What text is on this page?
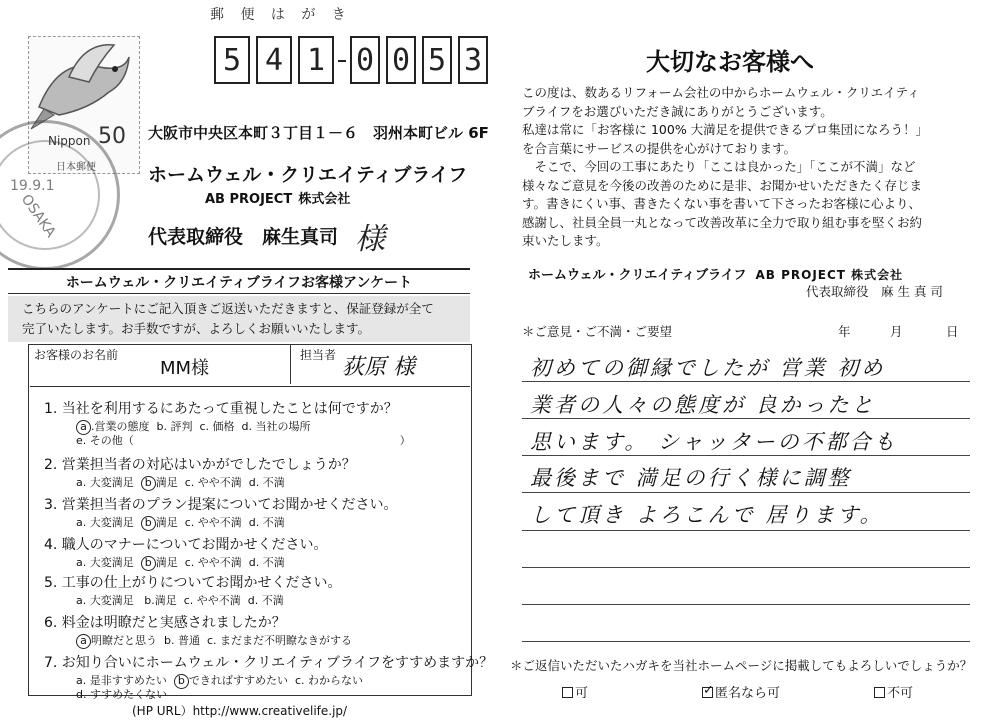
郵 便 は が き
5 4 1 0 0 5 3
Nippon 50
日本郵便
19.9.1
OSAKA
大阪市中央区本町３丁目１－６　羽州本町ビル 6F
ホームウェル・クリエイティブライフ
AB PROJECT 株式会社
代表取締役　麻生真司 様
ホームウェル・クリエイティブライフお客様アンケート
こちらのアンケートにご記入頂きご返送いただきますと、保証登録が全て
完了いたします。お手数ですが、よろしくお願いいたします。
お客様のお名前
MM様
担当者 荻原 様
1. 当社を利用するにあたって重視したことは何ですか？
a .営業の態度 b. 評判 c. 価格 d. 当社の場所
e. その他（	）
2. 営業担当者の対応はいかがでしたでしょうか？
a. 大変満足 b 満足 c. やや不満 d. 不満
3. 営業担当者のプラン提案についてお聞かせください。
a. 大変満足 b 満足 c. やや不満 d. 不満
4. 職人のマナーについてお聞かせください。
a. 大変満足 b 満足 c. やや不満 d. 不満
5. 工事の仕上がりについてお聞かせください。
a. 大変満足 b.満足 c. やや不満 d. 不満
6. 料金は明瞭だと実感されましたか？
a 明瞭だと思う b. 普通 c. まだまだ不明瞭なきがする
7. お知り合いにホームウェル・クリエイティブライフをすすめますか？
a. 是非すすめたい b できればすすめたい c. わからない
d. すすめたくない
(HP URL）http://www.creativelife.jp/
大切なお客様へ

この度は、数あるリフォーム会社の中からホームウェル・クリエイティ

ブライフをお選びいただき誠にありがとうございます。

私達は常に「お客様に 100% 大満足を提供できるプロ集団になろう！」

を合言葉にサービスの提供を心がけております。

　そこで、今回の工事にあたり「ここは良かった」「ここが不満」など

様々なご意見を今後の改善のために是非、お聞かせいただきたく存じま

す。書きにくい事、書きたくない事を書いて下さったお客様に心より、

感謝し、社員全員一丸となって改善改革に全力で取り組む事を堅くお約

束いたします。

ホームウェル・クリエイティブライフ AB PROJECT 株式会社
代表取締役　麻 生 真 司
＊ご意見・ご不満・ご要望	年	月	日
初めての御縁でしたが 営業 初め
業者の人々の態度が 良かったと
思います。 シャッターの不都合も
最後まで 満足の行く様に調整
して頂き よろこんで 居ります。
＊ご返信いただいたハガキを当社ホームページに掲載してもよろしいでしょうか？
可 ✓	匿名なら可	不可
